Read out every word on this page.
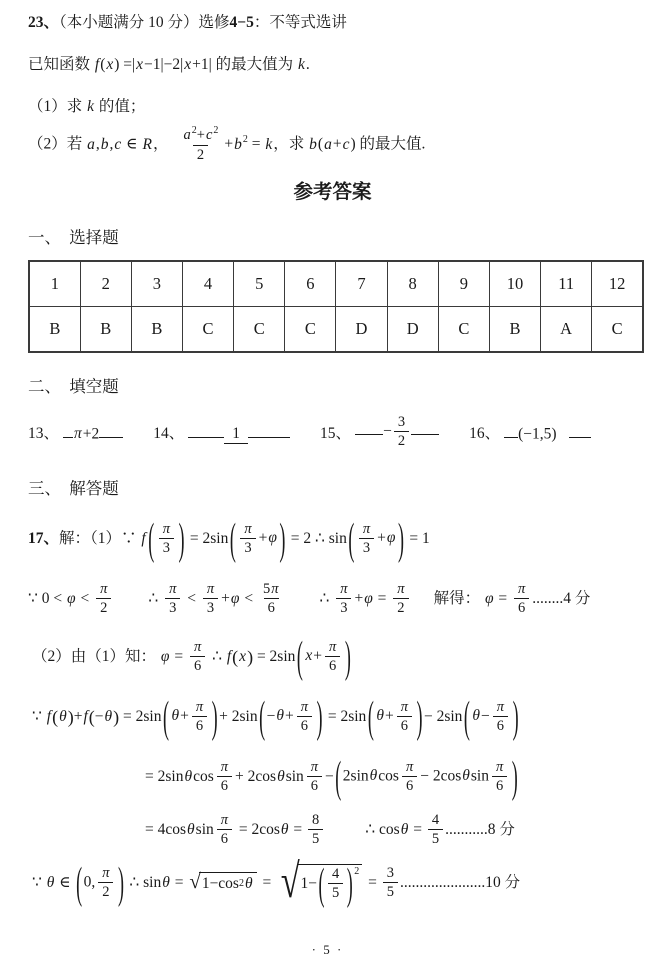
23、（本小题满分 10 分）选修4−5：不等式选讲
已知函数 f(x) =|x−1|−2|x+1| 的最大值为 k.
（1）求 k 的值；
（2）若 a,b,c ∈ R， $\frac{a^2+c^2}{2} +b^2 = k$，求 b(a+c) 的最大值.
参考答案
一、　选择题
1	2	3	4	5	6	7	8	9	10	11	12
B	B	B	C	C	C	D	D	C	B	A	C
二、　填空题
13、 π+2	14、	1	15、	− $\frac{3}{2}$	16、	(−1,5)
三、　解答题
17、 解：（1）∵ f ( $\frac{\pi}{3}$ ) = 2sin ( $\frac{\pi}{3} +\varphi$ ) = 2 ∴ sin ( $\frac{\pi}{3} +\varphi$ ) = 1
∵ $0 < \varphi < \frac{\pi}{2}$ ∴ $\frac{\pi}{3} < \frac{\pi}{3} + \varphi < \frac{5\pi}{6}$ ∴ $\frac{\pi}{3} + \varphi = \frac{\pi}{2}$ 解得： $\varphi = \frac{\pi}{6} ........4$ 分
（2）由（1）知： $\varphi = \frac{\pi}{6}$ ∴ f ( x ) = 2sin ( $x+ \frac{\pi}{6}$ )
∵ f ( θ ) + f ( −θ ) = 2sin ( $\theta+ \frac{\pi}{6}$ ) + 2sin ( $-\theta+ \frac{\pi}{6}$ ) = 2sin ( $\theta+ \frac{\pi}{6}$ ) − 2sin ( $\theta- \frac{\pi}{6}$ )
= 2sin θ $\cos \frac{\pi}{6} + 2\cos$ θ $\sin \frac{\pi}{6}$ − ( $2\sin\theta\cos \frac{\pi}{6} - 2\cos\theta\sin \frac{\pi}{6}$ )
= 4cos θ $\sin \frac{\pi}{6} = 2\cos$ $\theta = \frac{8}{5}$	∴ $\cos \theta = \frac{4}{5} ...........8$ 分
∵ θ ∈ ( 0, $\frac{\pi}{2}$ ) ∴ sin θ = √ 1−cos 2 θ = √ 1− ( $\frac{4}{5} )^2$
= $\frac{3}{5} ......................10$ 分
· 5 ·
